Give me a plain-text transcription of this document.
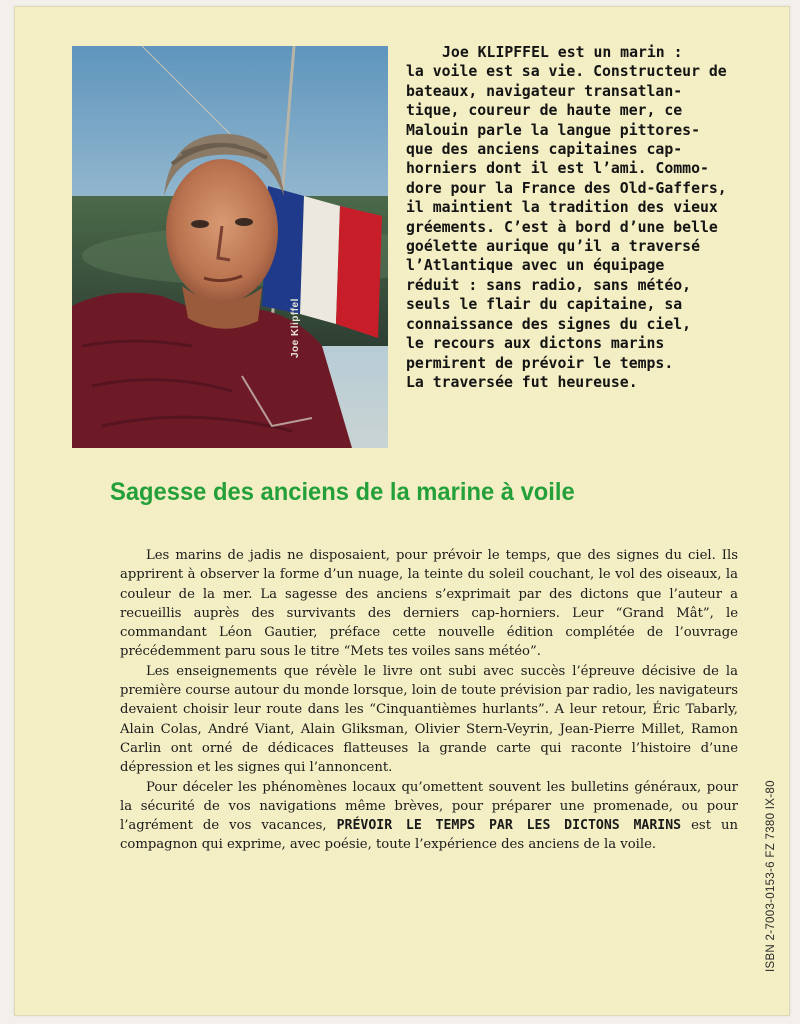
Joe Klipffel
Joe KLIPFFEL est un marin :
la voile est sa vie. Constructeur de
bateaux, navigateur transatlan-
tique, coureur de haute mer, ce
Malouin parle la langue pittores-
que des anciens capitaines cap-
horniers dont il est l’ami. Commo-
dore pour la France des Old-Gaffers,
il maintient la tradition des vieux
gréements. C’est à bord d’une belle
goélette aurique qu’il a traversé
l’Atlantique avec un équipage
réduit : sans radio, sans météo,
seuls le flair du capitaine, sa
connaissance des signes du ciel,
le recours aux dictons marins
permirent de prévoir le temps.
La traversée fut heureuse.
Sagesse des anciens de la marine à voile

Les marins de jadis ne disposaient, pour prévoir le temps, que des signes du ciel. Ils apprirent à observer la forme d’un nuage, la teinte du soleil couchant, le vol des oiseaux, la couleur de la mer. La sagesse des anciens s’exprimait par des dictons que l’auteur a recueillis auprès des survivants des derniers cap-horniers. Leur “Grand Mât”, le commandant Léon Gautier, préface cette nouvelle édition complétée de l’ouvrage précédemment paru sous le titre “Mets tes voiles sans météo”.

Les enseignements que révèle le livre ont subi avec succès l’épreuve décisive de la première course autour du monde lorsque, loin de toute prévision par radio, les navigateurs devaient choisir leur route dans les “Cinquantièmes hurlants”. A leur retour, Éric Tabarly, Alain Colas, André Viant, Alain Gliksman, Olivier Stern-Veyrin, Jean-Pierre Millet, Ramon Carlin ont orné de dédicaces flatteuses la grande carte qui raconte l’histoire d’une dépression et les signes qui l’annoncent.

Pour déceler les phénomènes locaux qu’omettent souvent les bulletins généraux, pour la sécurité de vos navigations même brèves, pour préparer une promenade, ou pour l’agrément de vos vacances, PRÉVOIR LE TEMPS PAR LES DICTONS MARINS est un compagnon qui exprime, avec poésie, toute l’expérience des anciens de la voile.	ISBN 2-7003-0153-6 FZ 7380 IX-80
